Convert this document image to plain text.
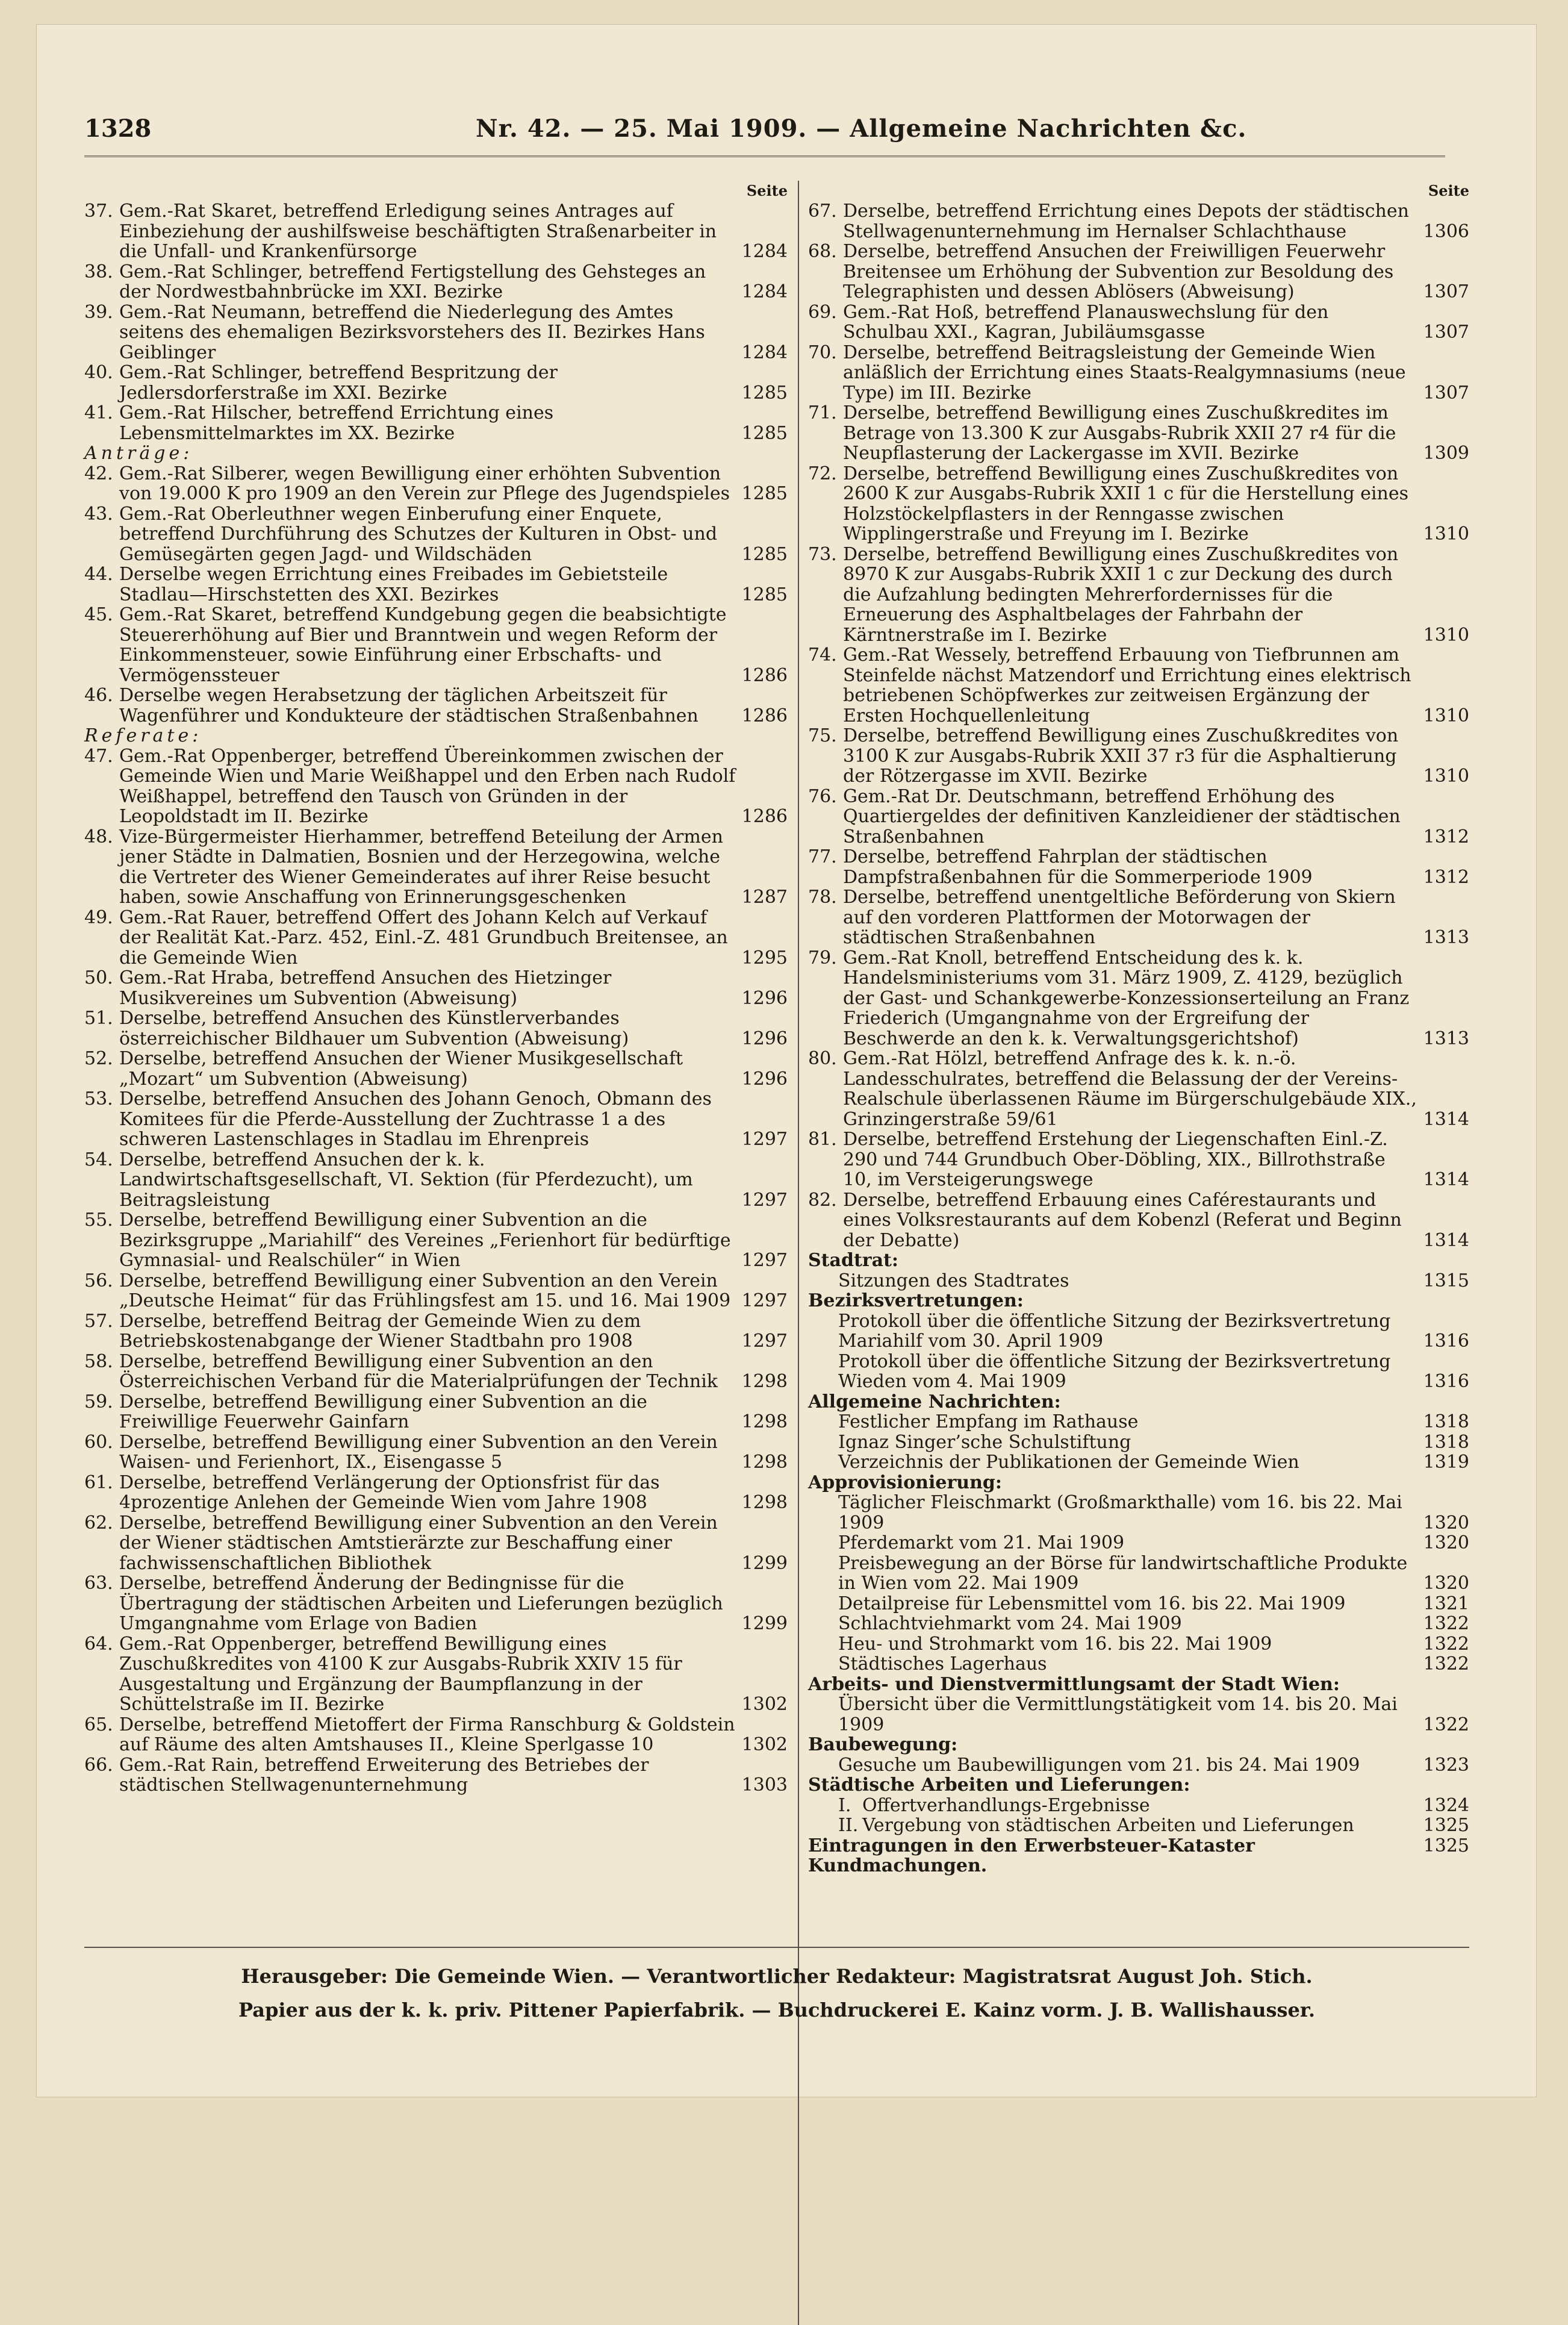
1328	Nr. 42. — 25. Mai 1909. — Allgemeine Nachrichten &c.
Seite
37. Gem.-Rat Skaret, betreffend Erledigung seines Antrages auf Einbeziehung der aushilfsweise beschäftigten Straßenarbeiter in die Unfall- und Krankenfürsorge	1284
38. Gem.-Rat Schlinger, betreffend Fertigstellung des Gehsteges an der Nordwestbahnbrücke im XXI. Bezirke	1284
39. Gem.-Rat Neumann, betreffend die Niederlegung des Amtes seitens des ehemaligen Bezirksvorstehers des II. Bezirkes Hans Geiblinger	1284
40. Gem.-Rat Schlinger, betreffend Bespritzung der Jedlersdorferstraße im XXI. Bezirke	1285
41. Gem.-Rat Hilscher, betreffend Errichtung eines Lebensmittelmarktes im XX. Bezirke	1285
Anträge:
42. Gem.-Rat Silberer, wegen Bewilligung einer erhöhten Subvention von 19.000 K pro 1909 an den Verein zur Pflege des Jugendspieles 1285
43. Gem.-Rat Oberleuthner wegen Einberufung einer Enquete, betreffend Durchführung des Schutzes der Kulturen in Obst- und Gemüsegärten gegen Jagd- und Wildschäden	1285
44. Derselbe wegen Errichtung eines Freibades im Gebietsteile Stadlau—Hirschstetten des XXI. Bezirkes	1285
45. Gem.-Rat Skaret, betreffend Kundgebung gegen die beabsichtigte Steuererhöhung auf Bier und Branntwein und wegen Reform der Einkommensteuer, sowie Einführung einer Erbschafts- und Vermögenssteuer	1286
46. Derselbe wegen Herabsetzung der täglichen Arbeitszeit für Wagenführer und Kondukteure der städtischen Straßenbahnen 1286
Referate:
47. Gem.-Rat Oppenberger, betreffend Übereinkommen zwischen der Gemeinde Wien und Marie Weißhappel und den Erben nach Rudolf Weißhappel, betreffend den Tausch von Gründen in der Leopoldstadt im II. Bezirke	1286
48. Vize-Bürgermeister Hierhammer, betreffend Beteilung der Armen jener Städte in Dalmatien, Bosnien und der Herzegowina, welche die Vertreter des Wiener Gemeinderates auf ihrer Reise besucht haben, sowie Anschaffung von Erinnerungsgeschenken	1287
49. Gem.-Rat Rauer, betreffend Offert des Johann Kelch auf Verkauf der Realität Kat.-Parz. 452, Einl.-Z. 481 Grundbuch Breitensee, an die Gemeinde Wien	1295
50. Gem.-Rat Hraba, betreffend Ansuchen des Hietzinger Musikvereines um Subvention (Abweisung)	1296
51. Derselbe, betreffend Ansuchen des Künstlerverbandes österreichischer Bildhauer um Subvention (Abweisung)	1296
52. Derselbe, betreffend Ansuchen der Wiener Musikgesellschaft „Mozart“ um Subvention (Abweisung)	1296
53. Derselbe, betreffend Ansuchen des Johann Genoch, Obmann des Komitees für die Pferde-Ausstellung der Zuchtrasse 1 a des schweren Lastenschlages in Stadlau im Ehrenpreis	1297
54. Derselbe, betreffend Ansuchen der k. k. Landwirtschaftsgesellschaft, VI. Sektion (für Pferdezucht), um Beitragsleistung	1297
55. Derselbe, betreffend Bewilligung einer Subvention an die Bezirksgruppe „Mariahilf“ des Vereines „Ferienhort für bedürftige Gymnasial- und Realschüler“ in Wien	1297
56. Derselbe, betreffend Bewilligung einer Subvention an den Verein „Deutsche Heimat“ für das Frühlingsfest am 15. und 16. Mai 1909 1297
57. Derselbe, betreffend Beitrag der Gemeinde Wien zu dem Betriebskostenabgange der Wiener Stadtbahn pro 1908	1297
58. Derselbe, betreffend Bewilligung einer Subvention an den Österreichischen Verband für die Materialprüfungen der Technik 1298
59. Derselbe, betreffend Bewilligung einer Subvention an die Freiwillige Feuerwehr Gainfarn	1298
60. Derselbe, betreffend Bewilligung einer Subvention an den Verein Waisen- und Ferienhort, IX., Eisengasse 5	1298
61. Derselbe, betreffend Verlängerung der Optionsfrist für das 4prozentige Anlehen der Gemeinde Wien vom Jahre 1908	1298
62. Derselbe, betreffend Bewilligung einer Subvention an den Verein der Wiener städtischen Amtstierärzte zur Beschaffung einer fachwissenschaftlichen Bibliothek	1299
63. Derselbe, betreffend Änderung der Bedingnisse für die Übertragung der städtischen Arbeiten und Lieferungen bezüglich Umgangnahme vom Erlage von Badien	1299
64. Gem.-Rat Oppenberger, betreffend Bewilligung eines Zuschußkredites von 4100 K zur Ausgabs-Rubrik XXIV 15 für Ausgestaltung und Ergänzung der Baumpflanzung in der Schüttelstraße im II. Bezirke	1302
65. Derselbe, betreffend Mietoffert der Firma Ranschburg & Goldstein auf Räume des alten Amtshauses II., Kleine Sperlgasse 10	1302
66. Gem.-Rat Rain, betreffend Erweiterung des Betriebes der städtischen Stellwagenunternehmung	1303
Seite
67. Derselbe, betreffend Errichtung eines Depots der städtischen Stellwagenunternehmung im Hernalser Schlachthause	1306
68. Derselbe, betreffend Ansuchen der Freiwilligen Feuerwehr Breitensee um Erhöhung der Subvention zur Besoldung des Telegraphisten und dessen Ablösers (Abweisung)	1307
69. Gem.-Rat Hoß, betreffend Planauswechslung für den Schulbau XXI., Kagran, Jubiläumsgasse	1307
70. Derselbe, betreffend Beitragsleistung der Gemeinde Wien anläßlich der Errichtung eines Staats-Realgymnasiums (neue Type) im III. Bezirke	1307
71. Derselbe, betreffend Bewilligung eines Zuschußkredites im Betrage von 13.300 K zur Ausgabs-Rubrik XXII 27 r4 für die Neupflasterung der Lackergasse im XVII. Bezirke	1309
72. Derselbe, betreffend Bewilligung eines Zuschußkredites von 2600 K zur Ausgabs-Rubrik XXII 1 c für die Herstellung eines Holzstöckelpflasters in der Renngasse zwischen Wipplingerstraße und Freyung im I. Bezirke	1310
73. Derselbe, betreffend Bewilligung eines Zuschußkredites von 8970 K zur Ausgabs-Rubrik XXII 1 c zur Deckung des durch die Aufzahlung bedingten Mehrerfordernisses für die Erneuerung des Asphaltbelages der Fahrbahn der Kärntnerstraße im I. Bezirke	1310
74. Gem.-Rat Wessely, betreffend Erbauung von Tiefbrunnen am Steinfelde nächst Matzendorf und Errichtung eines elektrisch betriebenen Schöpfwerkes zur zeitweisen Ergänzung der Ersten Hochquellenleitung	1310
75. Derselbe, betreffend Bewilligung eines Zuschußkredites von 3100 K zur Ausgabs-Rubrik XXII 37 r3 für die Asphaltierung der Rötzergasse im XVII. Bezirke	1310
76. Gem.-Rat Dr. Deutschmann, betreffend Erhöhung des Quartiergeldes der definitiven Kanzleidiener der städtischen Straßenbahnen	1312
77. Derselbe, betreffend Fahrplan der städtischen Dampfstraßenbahnen für die Sommerperiode 1909	1312
78. Derselbe, betreffend unentgeltliche Beförderung von Skiern auf den vorderen Plattformen der Motorwagen der städtischen Straßenbahnen	1313
79. Gem.-Rat Knoll, betreffend Entscheidung des k. k. Handelsministeriums vom 31. März 1909, Z. 4129, bezüglich der Gast- und Schankgewerbe-Konzessionserteilung an Franz Friederich (Umgangnahme von der Ergreifung der Beschwerde an den k. k. Verwaltungsgerichtshof)	1313
80. Gem.-Rat Hölzl, betreffend Anfrage des k. k. n.-ö. Landesschulrates, betreffend die Belassung der der Vereins-Realschule überlassenen Räume im Bürgerschulgebäude XIX., Grinzingerstraße 59/61	1314
81. Derselbe, betreffend Erstehung der Liegenschaften Einl.-Z. 290 und 744 Grundbuch Ober-Döbling, XIX., Billrothstraße 10, im Versteigerungswege	1314
82. Derselbe, betreffend Erbauung eines Caférestaurants und eines Volksrestaurants auf dem Kobenzl (Referat und Beginn der Debatte)	1314
Stadtrat:
Sitzungen des Stadtrates	1315
Bezirksvertretungen:
Protokoll über die öffentliche Sitzung der Bezirksvertretung Mariahilf vom 30. April 1909	1316
Protokoll über die öffentliche Sitzung der Bezirksvertretung Wieden vom 4. Mai 1909	1316
Allgemeine Nachrichten:
Festlicher Empfang im Rathause	1318
Ignaz Singer’sche Schulstiftung	1318
Verzeichnis der Publikationen der Gemeinde Wien	1319
Approvisionierung:
Täglicher Fleischmarkt (Großmarkthalle) vom 16. bis 22. Mai 1909	1320
Pferdemarkt vom 21. Mai 1909	1320
Preisbewegung an der Börse für landwirtschaftliche Produkte in Wien vom 22. Mai 1909	1320
Detailpreise für Lebensmittel vom 16. bis 22. Mai 1909	1321
Schlachtviehmarkt vom 24. Mai 1909	1322
Heu- und Strohmarkt vom 16. bis 22. Mai 1909	1322
Städtisches Lagerhaus	1322
Arbeits- und Dienstvermittlungsamt der Stadt Wien:
Übersicht über die Vermittlungstätigkeit vom 14. bis 20. Mai 1909	1322
Baubewegung:
Gesuche um Baubewilligungen vom 21. bis 24. Mai 1909	1323
Städtische Arbeiten und Lieferungen:
I. Offertverhandlungs-Ergebnisse	1324
II. Vergebung von städtischen Arbeiten und Lieferungen	1325
Eintragungen in den Erwerbsteuer-Kataster	1325
Kundmachungen.
Herausgeber: Die Gemeinde Wien. — Verantwortlicher Redakteur: Magistratsrat August Joh. Stich.
Papier aus der k. k. priv. Pittener Papierfabrik. — Buchdruckerei E. Kainz vorm. J. B. Wallishausser.
